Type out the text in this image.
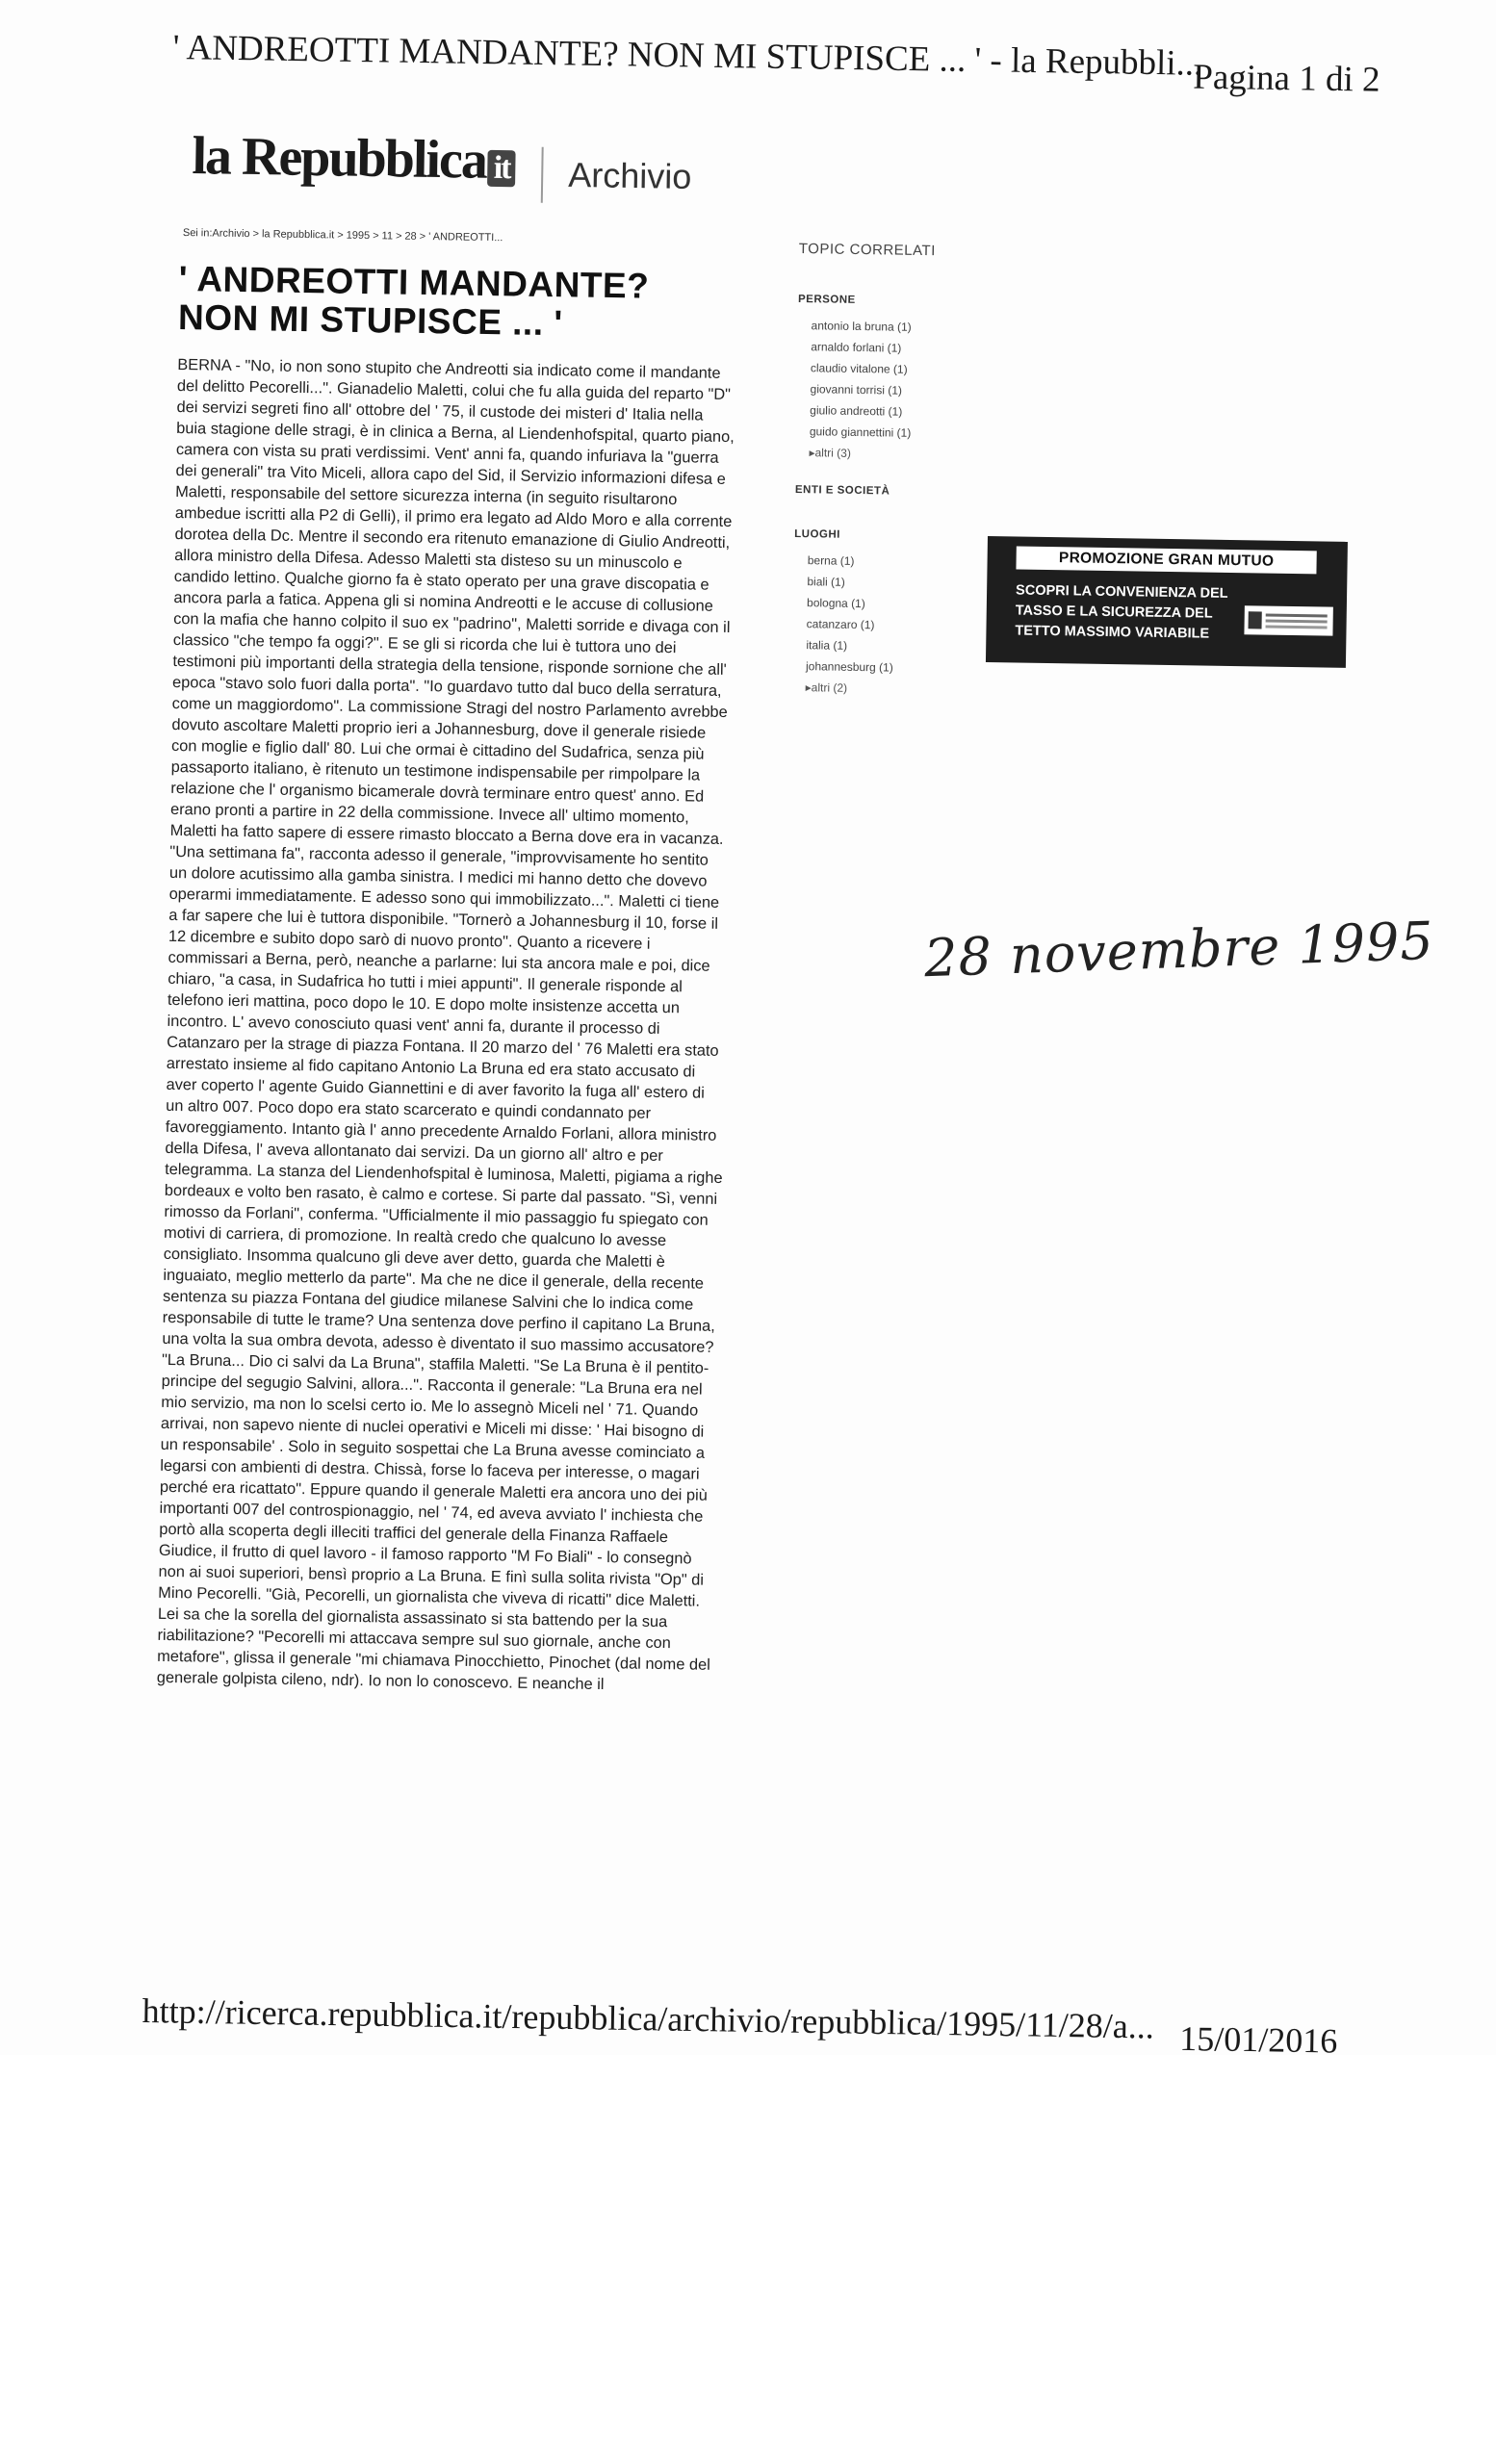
' ANDREOTTI MANDANTE? NON MI STUPISCE ... ' - la Repubbli...
Pagina 1 di 2
la Repubblica it Archivio
Sei in:Archivio > la Repubblica.it > 1995 > 11 > 28 > ' ANDREOTTI...
' ANDREOTTI MANDANTE? NON MI STUPISCE ... '
BERNA - "No, io non sono stupito che Andreotti sia indicato come il mandante del delitto Pecorelli...". Gianadelio Maletti, colui che fu alla guida del reparto "D" dei servizi segreti fino all' ottobre del ' 75, il custode dei misteri d' Italia nella buia stagione delle stragi, è in clinica a Berna, al Liendenhofspital, quarto piano, camera con vista su prati verdissimi. Vent' anni fa, quando infuriava la "guerra dei generali" tra Vito Miceli, allora capo del Sid, il Servizio informazioni difesa e Maletti, responsabile del settore sicurezza interna (in seguito risultarono ambedue iscritti alla P2 di Gelli), il primo era legato ad Aldo Moro e alla corrente dorotea della Dc. Mentre il secondo era ritenuto emanazione di Giulio Andreotti, allora ministro della Difesa. Adesso Maletti sta disteso su un minuscolo e candido lettino. Qualche giorno fa è stato operato per una grave discopatia e ancora parla a fatica. Appena gli si nomina Andreotti e le accuse di collusione con la mafia che hanno colpito il suo ex "padrino", Maletti sorride e divaga con il classico "che tempo fa oggi?". E se gli si ricorda che lui è tuttora uno dei testimoni più importanti della strategia della tensione, risponde sornione che all' epoca "stavo solo fuori dalla porta". "Io guardavo tutto dal buco della serratura, come un maggiordomo". La commissione Stragi del nostro Parlamento avrebbe dovuto ascoltare Maletti proprio ieri a Johannesburg, dove il generale risiede con moglie e figlio dall' 80. Lui che ormai è cittadino del Sudafrica, senza più passaporto italiano, è ritenuto un testimone indispensabile per rimpolpare la relazione che l' organismo bicamerale dovrà terminare entro quest' anno. Ed erano pronti a partire in 22 della commissione. Invece all' ultimo momento, Maletti ha fatto sapere di essere rimasto bloccato a Berna dove era in vacanza. "Una settimana fa", racconta adesso il generale, "improvvisamente ho sentito un dolore acutissimo alla gamba sinistra. I medici mi hanno detto che dovevo operarmi immediatamente. E adesso sono qui immobilizzato...". Maletti ci tiene a far sapere che lui è tuttora disponibile. "Tornerò a Johannesburg il 10, forse il 12 dicembre e subito dopo sarò di nuovo pronto". Quanto a ricevere i commissari a Berna, però, neanche a parlarne: lui sta ancora male e poi, dice chiaro, "a casa, in Sudafrica ho tutti i miei appunti". Il generale risponde al telefono ieri mattina, poco dopo le 10. E dopo molte insistenze accetta un incontro. L' avevo conosciuto quasi vent' anni fa, durante il processo di Catanzaro per la strage di piazza Fontana. Il 20 marzo del ' 76 Maletti era stato arrestato insieme al fido capitano Antonio La Bruna ed era stato accusato di aver coperto l' agente Guido Giannettini e di aver favorito la fuga all' estero di un altro 007. Poco dopo era stato scarcerato e quindi condannato per favoreggiamento. Intanto già l' anno precedente Arnaldo Forlani, allora ministro della Difesa, l' aveva allontanato dai servizi. Da un giorno all' altro e per telegramma. La stanza del Liendenhofspital è luminosa, Maletti, pigiama a righe bordeaux e volto ben rasato, è calmo e cortese. Si parte dal passato. "Sì, venni rimosso da Forlani", conferma. "Ufficialmente il mio passaggio fu spiegato con motivi di carriera, di promozione. In realtà credo che qualcuno lo avesse consigliato. Insomma qualcuno gli deve aver detto, guarda che Maletti è inguaiato, meglio metterlo da parte". Ma che ne dice il generale, della recente sentenza su piazza Fontana del giudice milanese Salvini che lo indica come responsabile di tutte le trame? Una sentenza dove perfino il capitano La Bruna, una volta la sua ombra devota, adesso è diventato il suo massimo accusatore? "La Bruna... Dio ci salvi da La Bruna", staffila Maletti. "Se La Bruna è il pentito-principe del segugio Salvini, allora...". Racconta il generale: "La Bruna era nel mio servizio, ma non lo scelsi certo io. Me lo assegnò Miceli nel ' 71. Quando arrivai, non sapevo niente di nuclei operativi e Miceli mi disse: ' Hai bisogno di un responsabile' . Solo in seguito sospettai che La Bruna avesse cominciato a legarsi con ambienti di destra. Chissà, forse lo faceva per interesse, o magari perché era ricattato". Eppure quando il generale Maletti era ancora uno dei più importanti 007 del controspionaggio, nel ' 74, ed aveva avviato l' inchiesta che portò alla scoperta degli illeciti traffici del generale della Finanza Raffaele Giudice, il frutto di quel lavoro - il famoso rapporto "M Fo Biali" - lo consegnò non ai suoi superiori, bensì proprio a La Bruna. E finì sulla solita rivista "Op" di Mino Pecorelli. "Già, Pecorelli, un giornalista che viveva di ricatti" dice Maletti. Lei sa che la sorella del giornalista assassinato si sta battendo per la sua riabilitazione? "Pecorelli mi attaccava sempre sul suo giornale, anche con metafore", glissa il generale "mi chiamava Pinocchietto, Pinochet (dal nome del generale golpista cileno, ndr). Io non lo conoscevo. E neanche il
TOPIC CORRELATI
PERSONE
antonio la bruna (1)
arnaldo forlani (1)
claudio vitalone (1)
giovanni torrisi (1)
giulio andreotti (1)
guido giannettini (1)
▸altri (3)
ENTI E SOCIETÀ
LUOGHI
berna (1)
biali (1)
bologna (1)
catanzaro (1)
italia (1)
johannesburg (1)
▸altri (2)
PROMOZIONE GRAN MUTUO
SCOPRI LA CONVENIENZA DEL TASSO E LA SICUREZZA DEL TETTO MASSIMO VARIABILE
28 novembre 1995
http://ricerca.repubblica.it/repubblica/archivio/repubblica/1995/11/28/a... 15/01/2016
